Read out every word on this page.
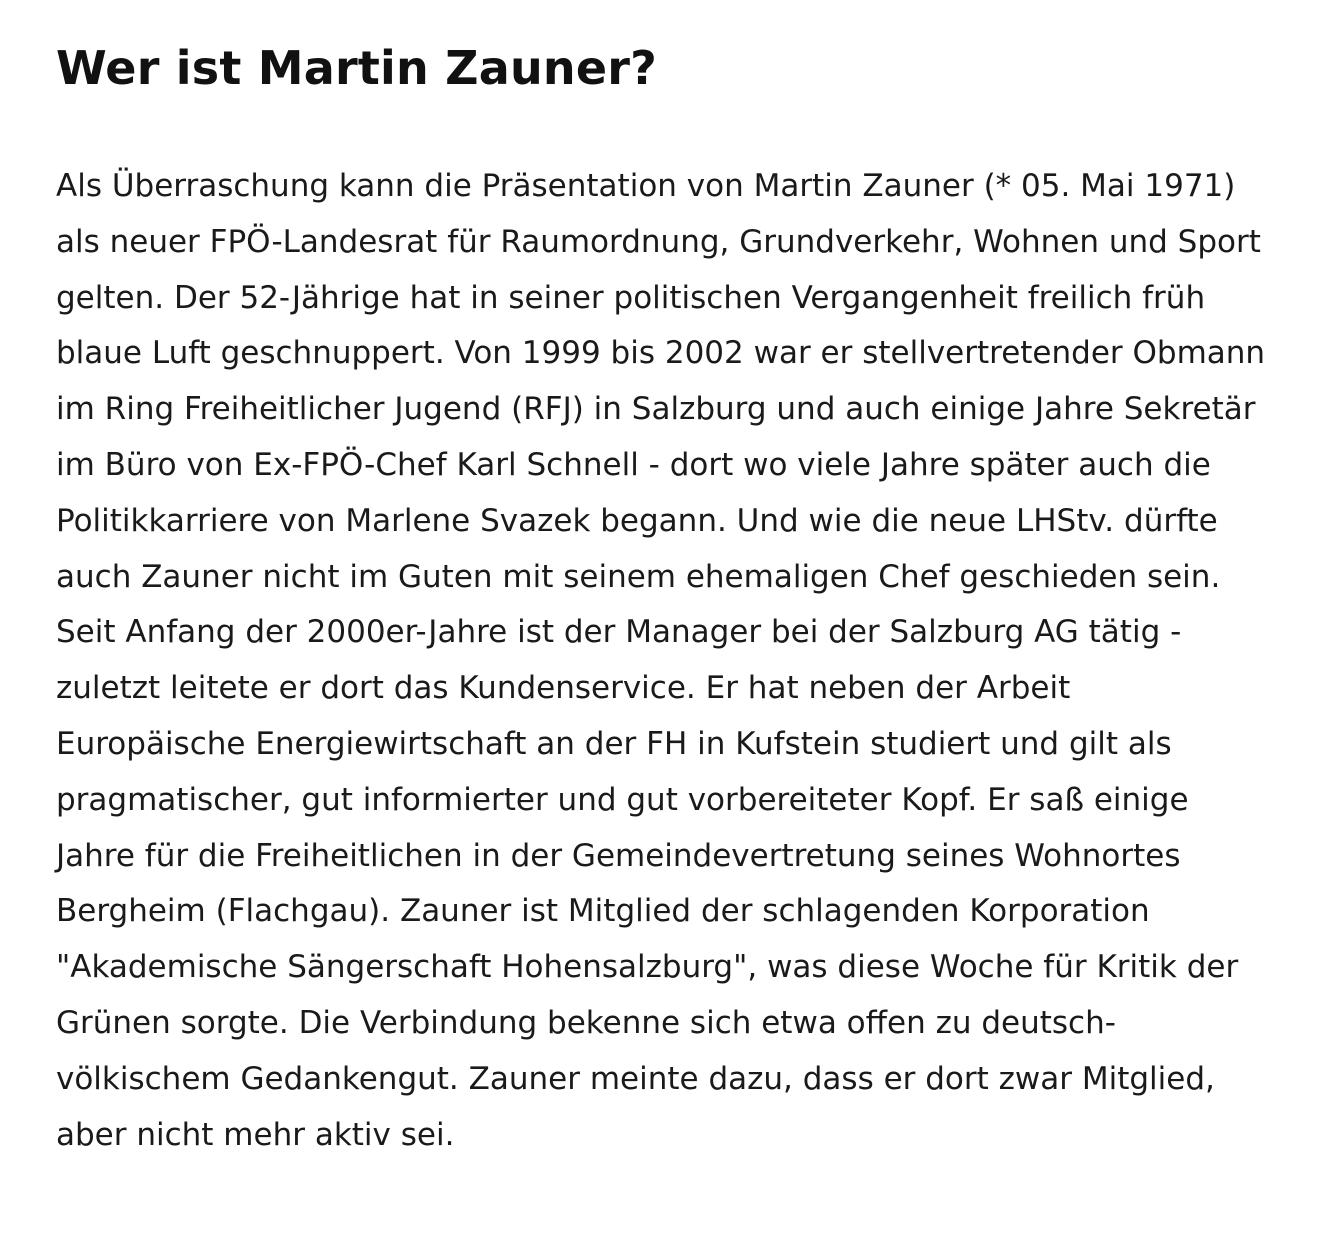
Wer ist Martin Zauner?

Als Überraschung kann die Präsentation von Martin Zauner (* 05. Mai 1971) als neuer FPÖ-Landesrat für Raumordnung, Grundverkehr, Wohnen und Sport gelten. Der 52-Jährige hat in seiner politischen Vergangenheit freilich früh blaue Luft geschnuppert. Von 1999 bis 2002 war er stellvertretender Obmann im Ring Freiheitlicher Jugend (RFJ) in Salzburg und auch einige Jahre Sekretär im Büro von Ex-FPÖ-Chef Karl Schnell - dort wo viele Jahre später auch die Politikkarriere von Marlene Svazek begann. Und wie die neue LHStv. dürfte auch Zauner nicht im Guten mit seinem ehemaligen Chef geschieden sein. Seit Anfang der 2000er-Jahre ist der Manager bei der Salzburg AG tätig - zuletzt leitete er dort das Kundenservice. Er hat neben der Arbeit Europäische Energiewirtschaft an der FH in Kufstein studiert und gilt als pragmatischer, gut informierter und gut vorbereiteter Kopf. Er saß einige Jahre für die Freiheitlichen in der Gemeindevertretung seines Wohnortes Bergheim (Flachgau). Zauner ist Mitglied der schlagenden Korporation "Akademische Sängerschaft Hohensalzburg", was diese Woche für Kritik der Grünen sorgte. Die Verbindung bekenne sich etwa offen zu deutsch-völkischem Gedankengut. Zauner meinte dazu, dass er dort zwar Mitglied, aber nicht mehr aktiv sei.
